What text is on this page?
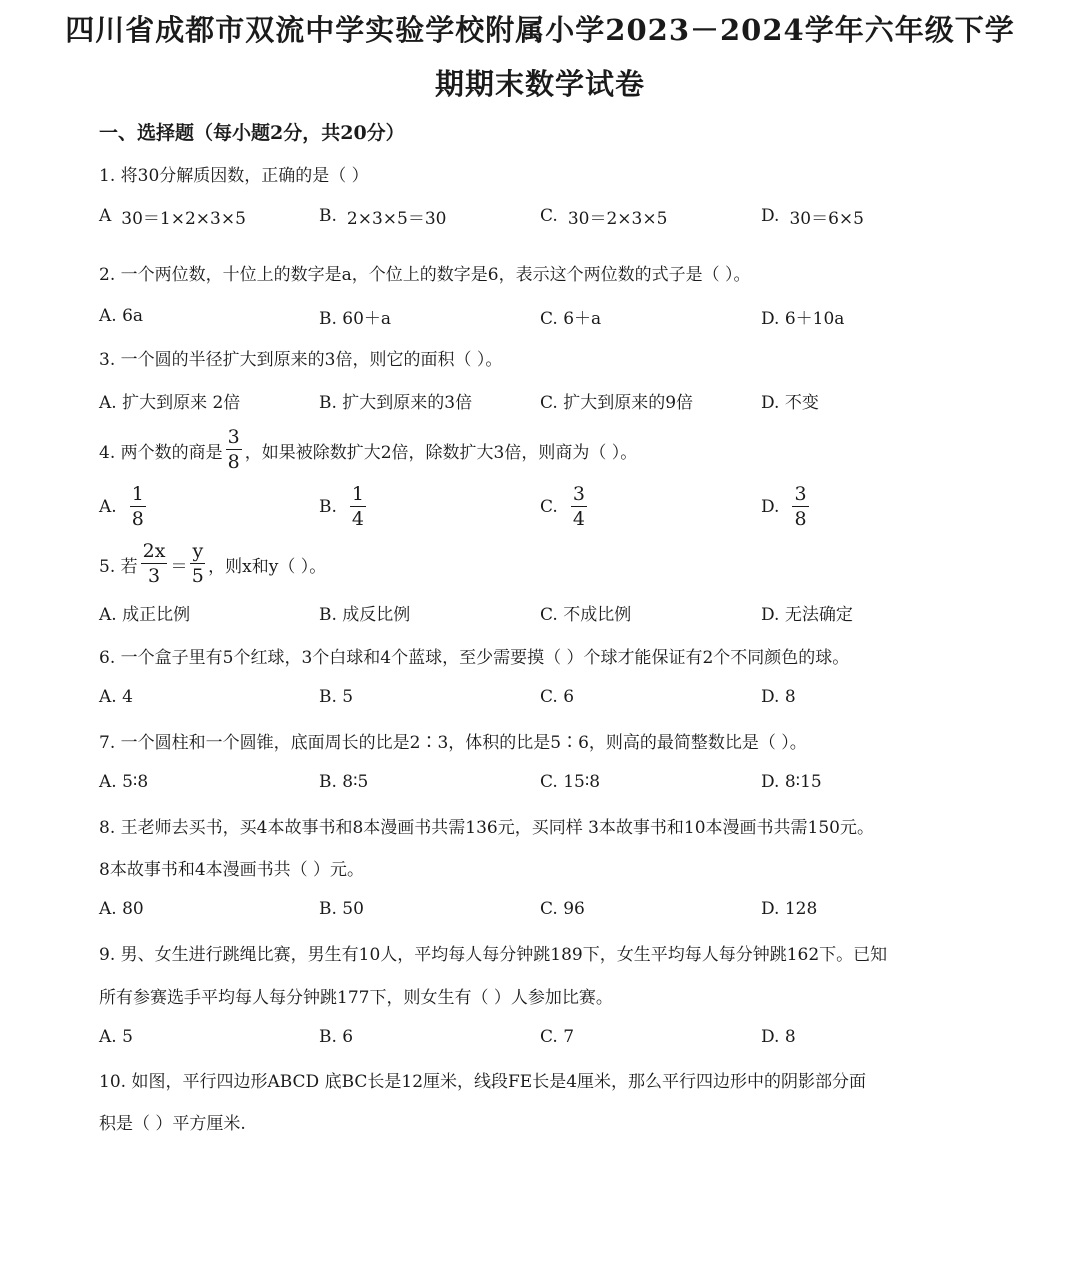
四川省成都市双流中学实验学校附属小学2023－2024学年六年级下学
期期末数学试卷
一、选择题（每小题2分，共20分）
1. 将30分解质因数，正确的是（ ）
A 30＝1×2×3×5	B. 2×3×5＝30	C. 30＝2×3×5	D. 30＝6×5
2. 一个两位数，十位上的数字是a，个位上的数字是6，表示这个两位数的式子是（ ）。
A. 6a	B. 60＋a	C. 6＋a	D. 6＋10a
3. 一个圆的半径扩大到原来的3倍，则它的面积（ ）。
A. 扩大到原来 2倍	B. 扩大到原来的3倍	C. 扩大到原来的9倍	D. 不变
4. 两个数的商是 $\frac{3}{8}$ ，如果被除数扩大2倍，除数扩大3倍，则商为（ ）。
A. $\frac{1}{8}$	B. $\frac{1}{4}$	C. $\frac{3}{4}$	D. $\frac{3}{8}$
5. 若 $\frac{2x}{3} = \frac{y}{5}$ ，则x和y（ ）。
A. 成正比例	B. 成反比例	C. 不成比例	D. 无法确定
6. 一个盒子里有5个红球，3个白球和4个蓝球，至少需要摸（ ）个球才能保证有2个不同颜色的球。
A. 4	B. 5	C. 6	D. 8
7. 一个圆柱和一个圆锥，底面周长的比是2∶3，体积的比是5∶6，则高的最简整数比是（ ）。
A. 5∶8	B. 8∶5	C. 15∶8	D. 8∶15
8. 王老师去买书，买4本故事书和8本漫画书共需136元，买同样 3本故事书和10本漫画书共需150元。
8本故事书和4本漫画书共（ ）元。
A. 80	B. 50	C. 96	D. 128
9. 男、女生进行跳绳比赛，男生有10人，平均每人每分钟跳189下，女生平均每人每分钟跳162下。已知
所有参赛选手平均每人每分钟跳177下，则女生有（ ）人参加比赛。
A. 5	B. 6	C. 7	D. 8
10. 如图，平行四边形ABCD 底BC长是12厘米，线段FE长是4厘米，那么平行四边形中的阴影部分面
积是（ ）平方厘米.
